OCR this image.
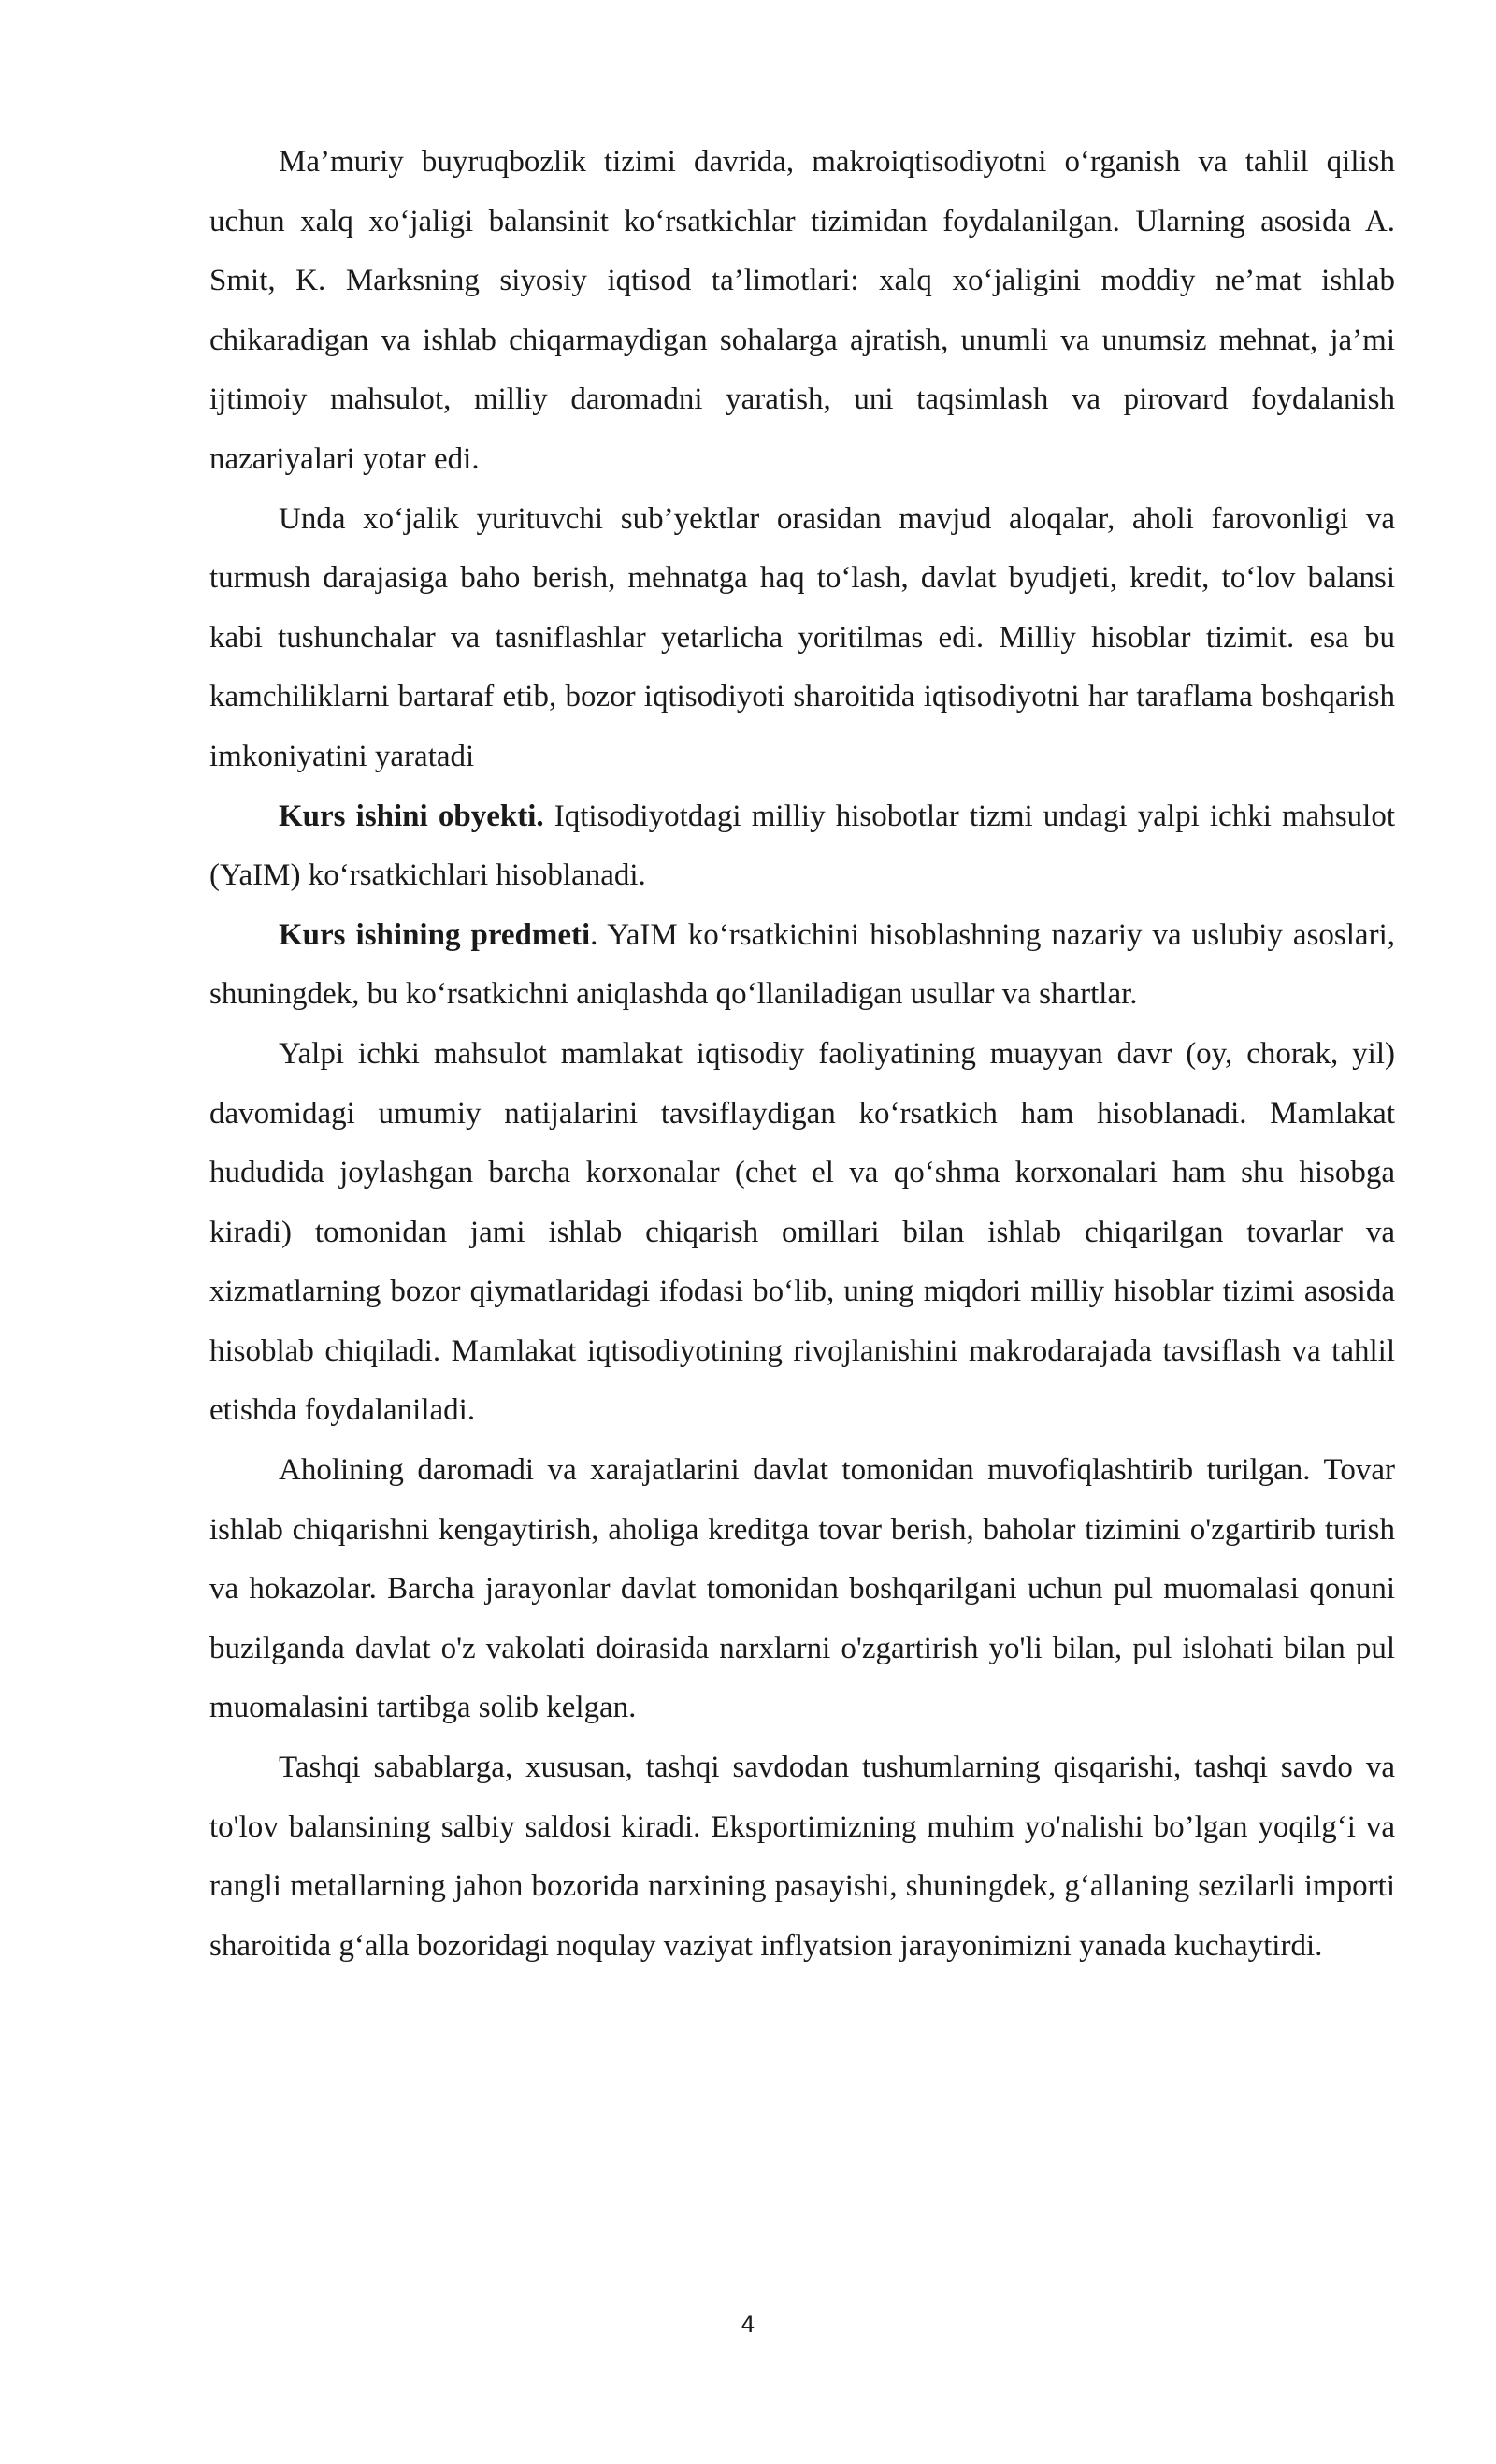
Ma’muriy buyruqbozlik tizimi davrida, makroiqtisodiyotni o‘rganish va tahlil qilish uchun xalq xo‘jaligi balansinit ko‘rsatkichlar tizimidan foydalanilgan. Ularning asosida A. Smit, K. Marksning siyosiy iqtisod ta’limotlari: xalq xo‘jaligini moddiy ne’mat ishlab chikaradigan va ishlab chiqarmaydigan sohalarga ajratish, unumli va unumsiz mehnat, ja’mi ijtimoiy mahsulot, milliy daromadni yaratish, uni taqsimlash va pirovard foydalanish nazariyalari yotar edi.

Unda xo‘jalik yurituvchi sub’yektlar orasidan mavjud aloqalar, aholi farovonligi va turmush darajasiga baho berish, mehnatga haq to‘lash, davlat byudjeti, kredit, to‘lov balansi kabi tushunchalar va tasniflashlar yetarlicha yoritilmas edi. Milliy hisoblar tizimit. esa bu kamchiliklarni bartaraf etib, bozor iqtisodiyoti sharoitida iqtisodiyotni har taraflama boshqarish imkoniyatini yaratadi

Kurs ishini obyekti. Iqtisodiyotdagi milliy hisobotlar tizmi undagi yalpi ichki mahsulot (YaIM) ko‘rsatkichlari hisoblanadi.

Kurs ishining predmeti. YaIM ko‘rsatkichini hisoblashning nazariy va uslubiy asoslari, shuningdek, bu ko‘rsatkichni aniqlashda qo‘llaniladigan usullar va shartlar.

Yalpi ichki mahsulot mamlakat iqtisodiy faoliyatining muayyan davr (oy, chorak, yil) davomidagi umumiy natijalarini tavsiflaydigan ko‘rsatkich ham hisoblanadi. Mamlakat hududida joylashgan barcha korxonalar (chet el va qo‘shma korxonalari ham shu hisobga kiradi) tomonidan jami ishlab chiqarish omillari bilan ishlab chiqarilgan tovarlar va xizmatlarning bozor qiymatlaridagi ifodasi bo‘lib, uning miqdori milliy hisoblar tizimi asosida hisoblab chiqiladi. Mamlakat iqtisodiyotining rivojlanishini makrodarajada tavsiflash va tahlil etishda foydalaniladi.

Aholining daromadi va xarajatlarini davlat tomonidan muvofiqlashtirib turilgan. Tovar ishlab chiqarishni kengaytirish, aholiga kreditga tovar berish, baholar tizimini o'zgartirib turish va hokazolar. Barcha jarayonlar davlat tomonidan boshqarilgani uchun pul muomalasi qonuni buzilganda davlat o'z vakolati doirasida narxlarni o'zgartirish yo'li bilan, pul islohati bilan pul muomalasini tartibga solib kelgan.

Tashqi sabablarga, xususan, tashqi savdodan tushumlarning qisqarishi, tashqi savdo va to'lov balansining salbiy saldosi kiradi. Eksportimizning muhim yo'nalishi bo’lgan yoqilg‘i va rangli metallarning jahon bozorida narxining pasayishi, shuningdek, g‘allaning sezilarli importi sharoitida g‘alla bozoridagi noqulay vaziyat inflyatsion jarayonimizni yanada kuchaytirdi.

4
